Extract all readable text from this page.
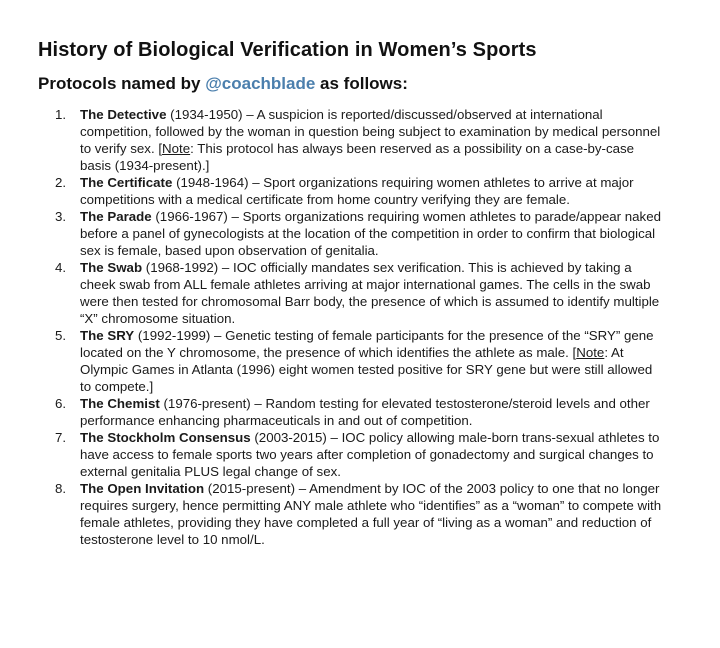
History of Biological Verification in Women’s Sports

Protocols named by @coachblade as follows:

1.	The Detective (1934-1950) – A suspicion is reported/discussed/observed at international competition, followed by the woman in question being subject to examination by medical personnel to verify sex. [Note: This protocol has always been reserved as a possibility on a case-by-case basis (1934-present).]
2.	The Certificate (1948-1964) – Sport organizations requiring women athletes to arrive at major competitions with a medical certificate from home country verifying they are female.
3.	The Parade (1966-1967) – Sports organizations requiring women athletes to parade/appear naked before a panel of gynecologists at the location of the competition in order to confirm that biological sex is female, based upon observation of genitalia.
4.	The Swab (1968-1992) – IOC officially mandates sex verification. This is achieved by taking a cheek swab from ALL female athletes arriving at major international games. The cells in the swab were then tested for chromosomal Barr body, the presence of which is assumed to identify multiple “X” chromosome situation.
5.	The SRY (1992-1999) – Genetic testing of female participants for the presence of the “SRY” gene located on the Y chromosome, the presence of which identifies the athlete as male. [Note: At Olympic Games in Atlanta (1996) eight women tested positive for SRY gene but were still allowed to compete.]
6.	The Chemist (1976-present) – Random testing for elevated testosterone/steroid levels and other performance enhancing pharmaceuticals in and out of competition.
7.	The Stockholm Consensus (2003-2015) – IOC policy allowing male-born trans-sexual athletes to have access to female sports two years after completion of gonadectomy and surgical changes to external genitalia PLUS legal change of sex.
8.	The Open Invitation (2015-present) – Amendment by IOC of the 2003 policy to one that no longer requires surgery, hence permitting ANY male athlete who “identifies” as a “woman” to compete with female athletes, providing they have completed a full year of “living as a woman” and reduction of testosterone level to 10 nmol/L.
